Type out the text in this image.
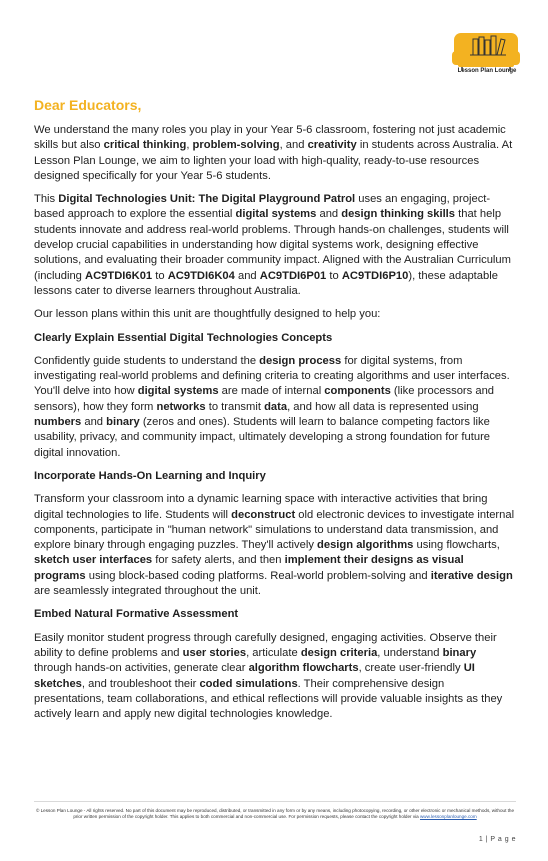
Lesson Plan Lounge
Dear Educators,

We understand the many roles you play in your Year 5-6 classroom, fostering not just academic skills but also critical thinking, problem-solving, and creativity in students across Australia. At Lesson Plan Lounge, we aim to lighten your load with high-quality, ready-to-use resources designed specifically for your Year 5-6 students.

This Digital Technologies Unit: The Digital Playground Patrol uses an engaging, project-based approach to explore the essential digital systems and design thinking skills that help students innovate and address real-world problems. Through hands-on challenges, students will develop crucial capabilities in understanding how digital systems work, designing effective solutions, and evaluating their broader community impact. Aligned with the Australian Curriculum (including AC9TDI6K01 to AC9TDI6K04 and AC9TDI6P01 to AC9TDI6P10), these adaptable lessons cater to diverse learners throughout Australia.

Our lesson plans within this unit are thoughtfully designed to help you:

Clearly Explain Essential Digital Technologies Concepts

Confidently guide students to understand the design process for digital systems, from investigating real-world problems and defining criteria to creating algorithms and user interfaces. You'll delve into how digital systems are made of internal components (like processors and sensors), how they form networks to transmit data, and how all data is represented using numbers and binary (zeros and ones). Students will learn to balance competing factors like usability, privacy, and community impact, ultimately developing a strong foundation for future digital innovation.

Incorporate Hands-On Learning and Inquiry

Transform your classroom into a dynamic learning space with interactive activities that bring digital technologies to life. Students will deconstruct old electronic devices to investigate internal components, participate in "human network" simulations to understand data transmission, and explore binary through engaging puzzles. They'll actively design algorithms using flowcharts, sketch user interfaces for safety alerts, and then implement their designs as visual programs using block-based coding platforms. Real-world problem-solving and iterative design are seamlessly integrated throughout the unit.

Embed Natural Formative Assessment

Easily monitor student progress through carefully designed, engaging activities. Observe their ability to define problems and user stories, articulate design criteria, understand binary through hands-on activities, generate clear algorithm flowcharts, create user-friendly UI sketches, and troubleshoot their coded simulations. Their comprehensive design presentations, team collaborations, and ethical reflections will provide valuable insights as they actively learn and apply new digital technologies knowledge.

© Lesson Plan Lounge - All rights reserved. No part of this document may be reproduced, distributed, or transmitted in any form or by any means, including photocopying, recording, or other electronic or mechanical methods, without the prior written permission of the copyright holder. This applies to both commercial and non-commercial use. For permission requests, please contact the copyright holder via www.lessonplanlounge.com
1 | P a g e
